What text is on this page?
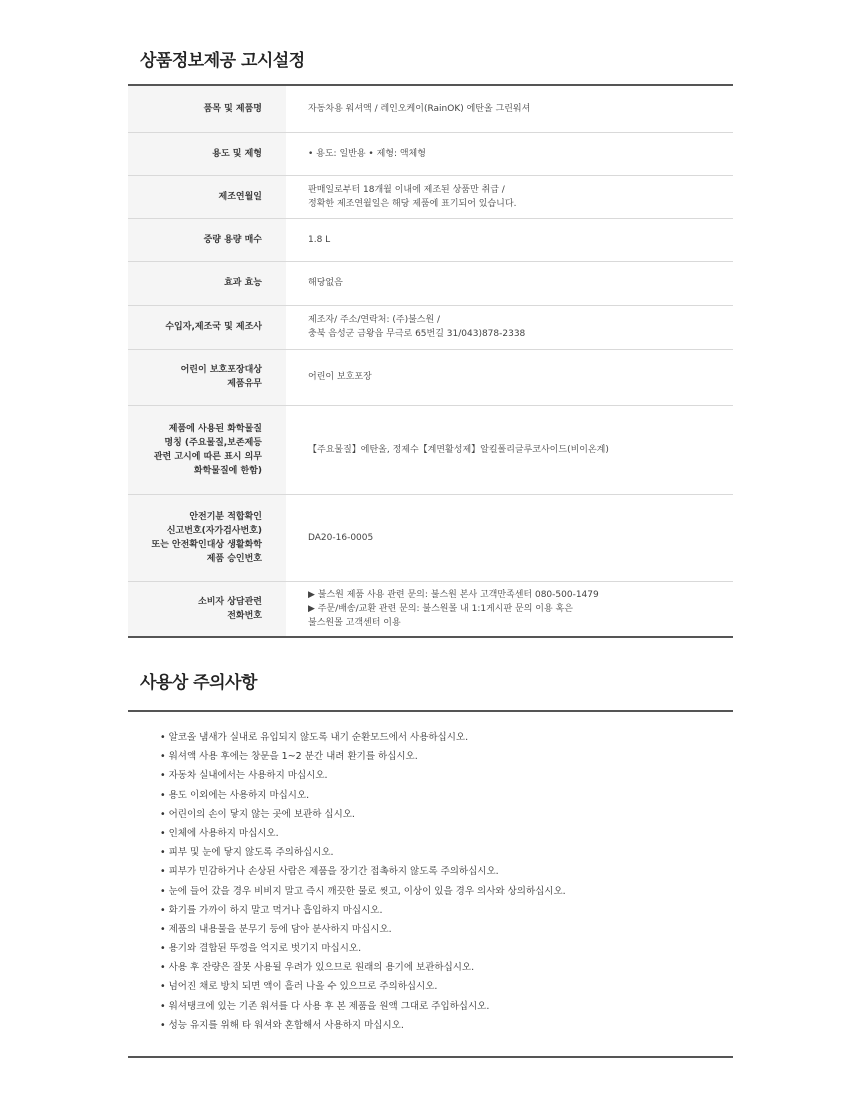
상품정보제공 고시설정
품목 및 제품명	자동차용 워셔액 / 레인오케이(RainOK) 에탄올 그린워셔

용도 및 제형	• 용도: 일반용 • 제형: 액체형

제조연월일	판매일로부터 18개월 이내에 제조된 상품만 취급 /
정확한 제조연월일은 해당 제품에 표기되어 있습니다.

중량 용량 매수	1.8 L

효과 효능	해당없음

수입자,제조국 및 제조사	제조자/ 주소/연락처: (주)불스원 /
충북 음성군 금왕읍 무극로 65번길 31/043)878-2338

어린이 보호포장대상
제품유무	어린이 보호포장

제품에 사용된 화학물질
명칭 (주요물질,보존제등
관련 고시에 따른 표시 의무
화학물질에 한함)	【주요물질】에탄올, 정제수【계면활성제】알킬폴리글루코사이드(비이온계)

안전기분 적합확인
신고번호(자가검사번호)
또는 안전확인대상 생활화학
제품 승인번호	DA20-16-0005

소비자 상담관련
전화번호	▶ 불스원 제품 사용 관련 문의: 불스원 본사 고객만족센터 080-500-1479
▶ 주문/배송/교환 관련 문의: 불스원몰 내 1:1게시판 문의 이용 혹은
불스원몰 고객센터 이용
사용상 주의사항
• 알코올 냄새가 실내로 유입되지 않도록 내기 순환모드에서 사용하십시오.
• 워셔액 사용 후에는 창문을 1~2 분간 내려 환기를 하십시오.
• 자동차 실내에서는 사용하지 마십시오.
• 용도 이외에는 사용하지 마십시오.
• 어린이의 손이 닿지 않는 곳에 보관하 십시오.
• 인체에 사용하지 마십시오.
• 피부 및 눈에 닿지 않도록 주의하십시오.
• 피부가 민감하거나 손상된 사람은 제품을 장기간 접촉하지 않도록 주의하십시오.
• 눈에 들어 갔을 경우 비비지 말고 즉시 깨끗한 물로 씻고, 이상이 있을 경우 의사와 상의하십시오.
• 화기를 가까이 하지 말고 먹거나 흡입하지 마십시오.
• 제품의 내용물을 분무기 등에 담아 분사하지 마십시오.
• 용기와 결합된 뚜껑을 억지로 벗기지 마십시오.
• 사용 후 잔량은 잘못 사용될 우려가 있으므로 원래의 용기에 보관하십시오.
• 넘어진 채로 방치 되면 액이 흘러 나올 수 있으므로 주의하십시오.
• 워셔탱크에 있는 기존 워셔를 다 사용 후 본 제품을 원액 그대로 주입하십시오.
• 성능 유지를 위해 타 워셔와 혼합해서 사용하지 마십시오.
